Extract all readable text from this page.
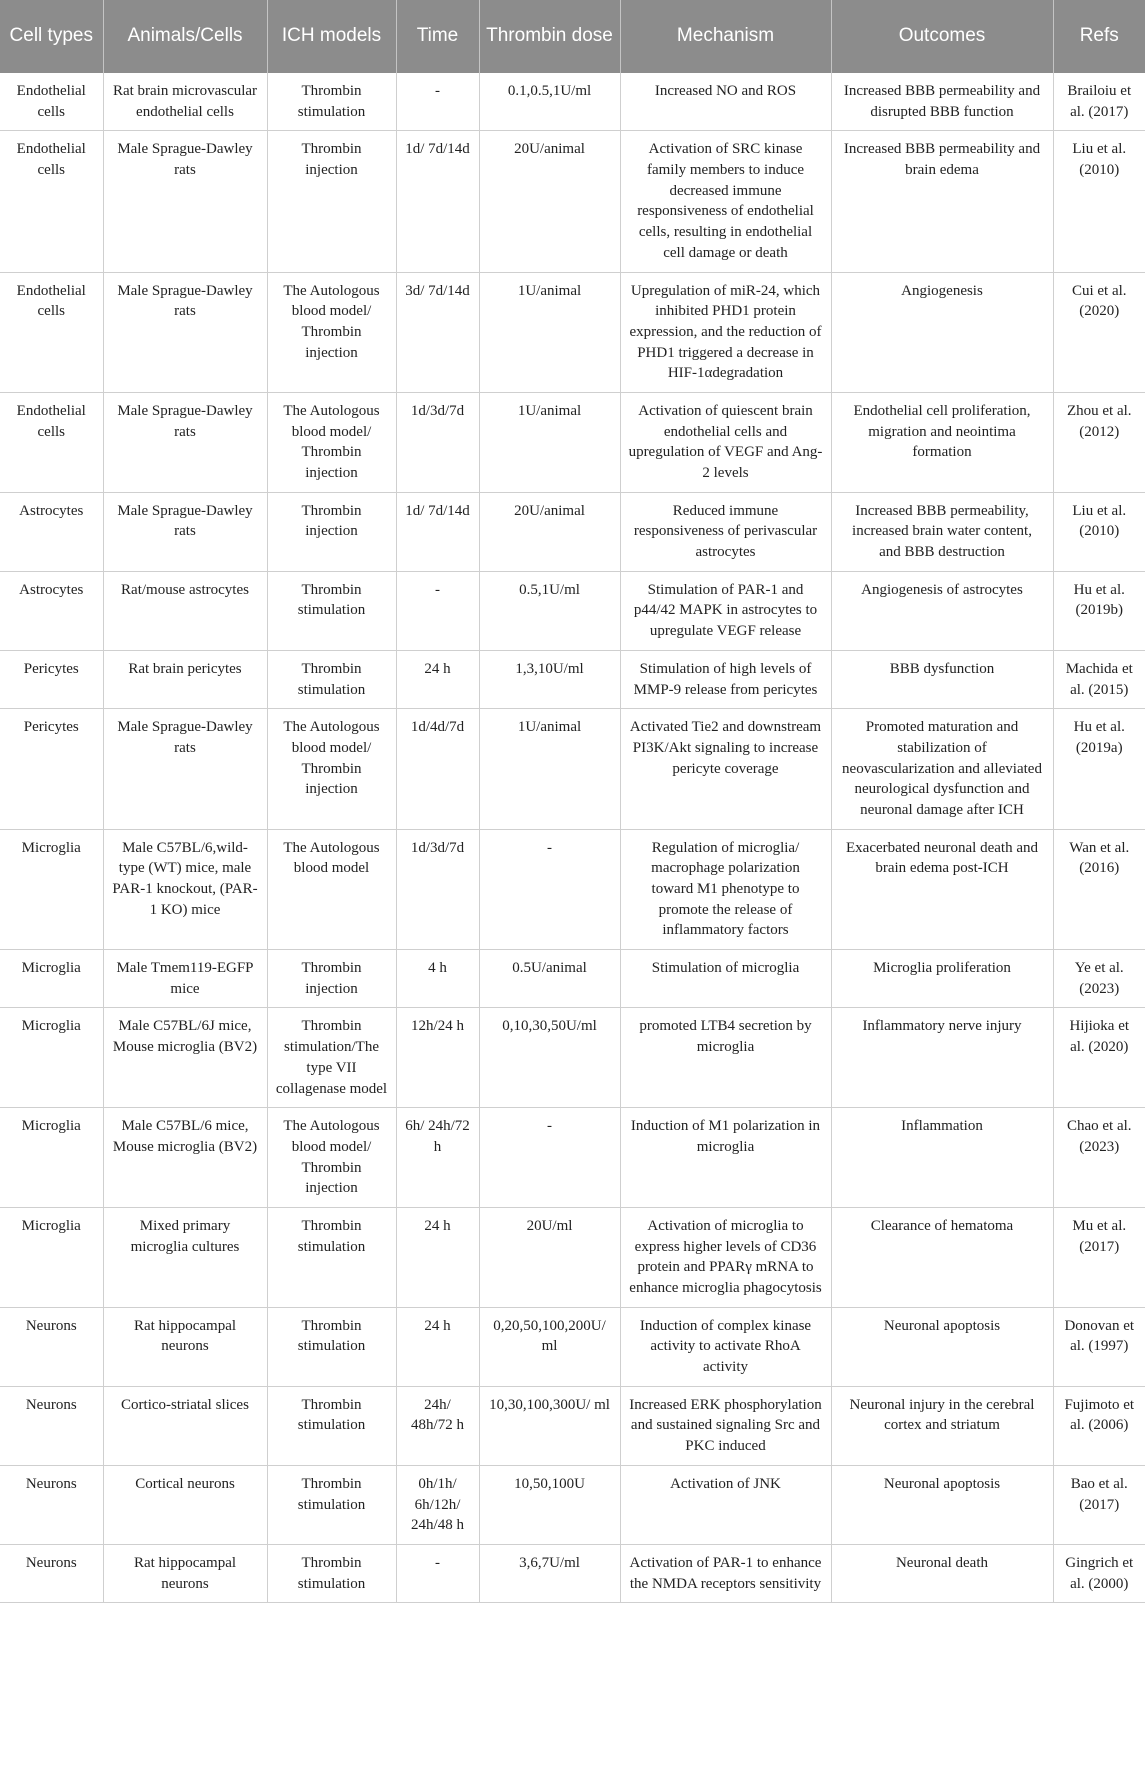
Cell types	Animals/Cells	ICH models	Time	Thrombin dose	Mechanism	Outcomes	Refs
Endothelial cells	Rat brain microvascular endothelial cells	Thrombin stimulation	-	0.1,0.5,1U/ml	Increased NO and ROS	Increased BBB permeability and disrupted BBB function	Brailoiu et al. (2017)
Endothelial cells	Male Sprague-Dawley rats	Thrombin injection	1d/ 7d/14d	20U/animal	Activation of SRC kinase family members to induce decreased immune responsiveness of endothelial cells, resulting in endothelial cell damage or death	Increased BBB permeability and brain edema	Liu et al. (2010)
Endothelial cells	Male Sprague-Dawley rats	The Autologous blood model/ Thrombin injection	3d/ 7d/14d	1U/animal	Upregulation of miR-24, which inhibited PHD1 protein expression, and the reduction of PHD1 triggered a decrease in HIF-1αdegradation	Angiogenesis	Cui et al. (2020)
Endothelial cells	Male Sprague-Dawley rats	The Autologous blood model/ Thrombin injection	1d/3d/7d	1U/animal	Activation of quiescent brain endothelial cells and upregulation of VEGF and Ang-2 levels	Endothelial cell proliferation, migration and neointima formation	Zhou et al. (2012)
Astrocytes	Male Sprague-Dawley rats	Thrombin injection	1d/ 7d/14d	20U/animal	Reduced immune responsiveness of perivascular astrocytes	Increased BBB permeability, increased brain water content, and BBB destruction	Liu et al. (2010)
Astrocytes	Rat/mouse astrocytes	Thrombin stimulation	-	0.5,1U/ml	Stimulation of PAR-1 and p44/42 MAPK in astrocytes to upregulate VEGF release	Angiogenesis of astrocytes	Hu et al. (2019b)
Pericytes	Rat brain pericytes	Thrombin stimulation	24 h	1,3,10U/ml	Stimulation of high levels of MMP-9 release from pericytes	BBB dysfunction	Machida et al. (2015)
Pericytes	Male Sprague-Dawley rats	The Autologous blood model/ Thrombin injection	1d/4d/7d	1U/animal	Activated Tie2 and downstream PI3K/Akt signaling to increase pericyte coverage	Promoted maturation and stabilization of neovascularization and alleviated neurological dysfunction and neuronal damage after ICH	Hu et al. (2019a)
Microglia	Male C57BL/6,wild-type (WT) mice, male PAR-1 knockout, (PAR-1 KO) mice	The Autologous blood model	1d/3d/7d	-	Regulation of microglia/ macrophage polarization toward M1 phenotype to promote the release of inflammatory factors	Exacerbated neuronal death and brain edema post-ICH	Wan et al. (2016)
Microglia	Male Tmem119-EGFP mice	Thrombin injection	4 h	0.5U/animal	Stimulation of microglia	Microglia proliferation	Ye et al. (2023)
Microglia	Male C57BL/6J mice, Mouse microglia (BV2)	Thrombin stimulation/The type VII collagenase model	12h/24 h	0,10,30,50U/ml	promoted LTB4 secretion by microglia	Inflammatory nerve injury	Hijioka et al. (2020)
Microglia	Male C57BL/6 mice, Mouse microglia (BV2)	The Autologous blood model/ Thrombin injection	6h/ 24h/72 h	-	Induction of M1 polarization in microglia	Inflammation	Chao et al. (2023)
Microglia	Mixed primary microglia cultures	Thrombin stimulation	24 h	20U/ml	Activation of microglia to express higher levels of CD36 protein and PPARγ mRNA to enhance microglia phagocytosis	Clearance of hematoma	Mu et al. (2017)
Neurons	Rat hippocampal neurons	Thrombin stimulation	24 h	0,20,50,100,200U/ ml	Induction of complex kinase activity to activate RhoA activity	Neuronal apoptosis	Donovan et al. (1997)
Neurons	Cortico-striatal slices	Thrombin stimulation	24h/ 48h/72 h	10,30,100,300U/ ml	Increased ERK phosphorylation and sustained signaling Src and PKC induced	Neuronal injury in the cerebral cortex and striatum	Fujimoto et al. (2006)
Neurons	Cortical neurons	Thrombin stimulation	0h/1h/ 6h/12h/ 24h/48 h	10,50,100U	Activation of JNK	Neuronal apoptosis	Bao et al. (2017)
Neurons	Rat hippocampal neurons	Thrombin stimulation	-	3,6,7U/ml	Activation of PAR-1 to enhance the NMDA receptors sensitivity	Neuronal death	Gingrich et al. (2000)
